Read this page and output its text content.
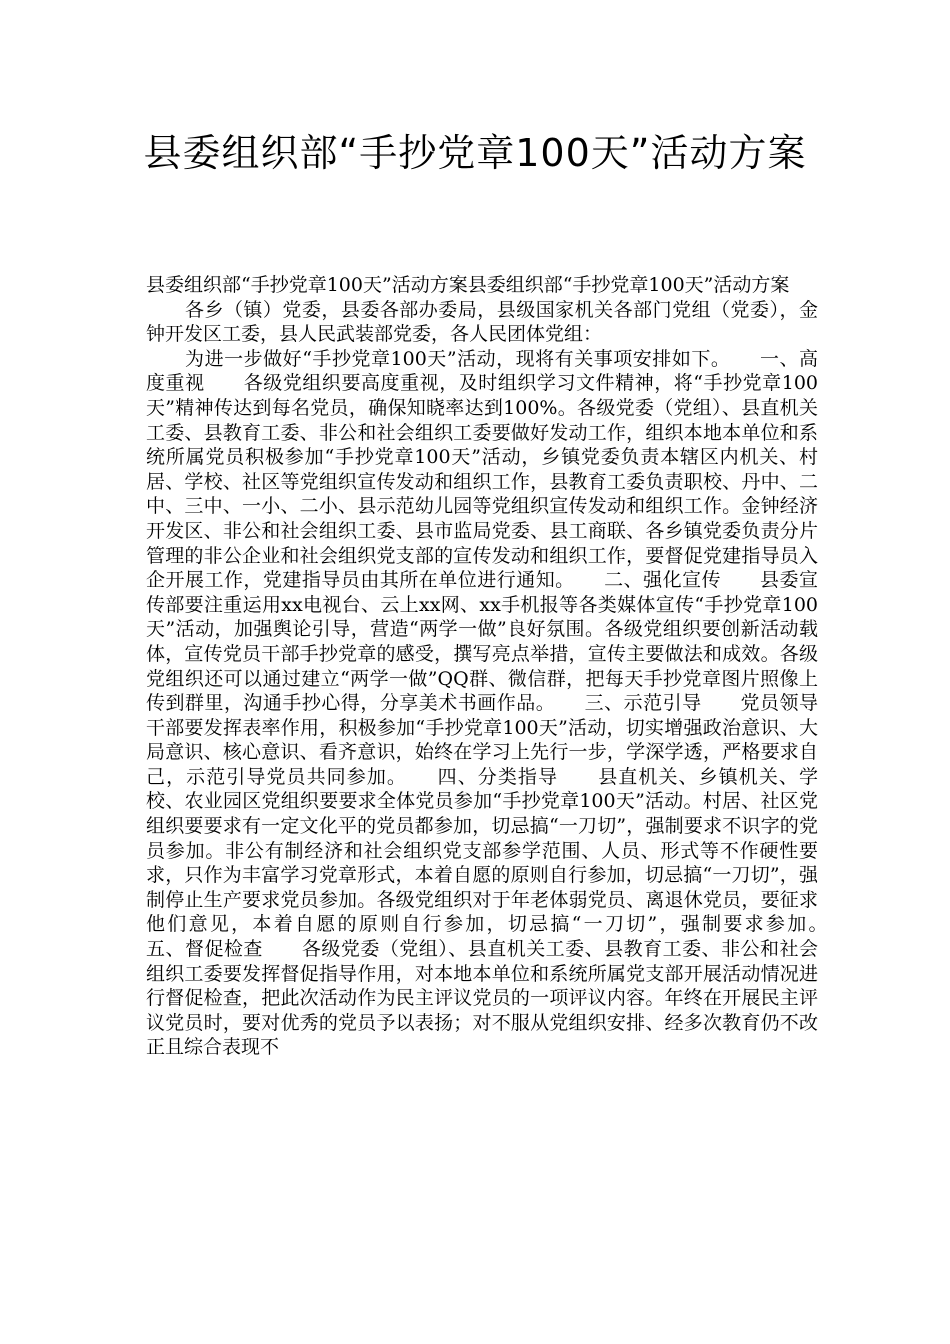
县委组织部“手抄党章100天”活动方案

县委组织部“手抄党章100天”活动方案县委组织部“手抄党章100天”活动方案

　　各乡（镇）党委，县委各部办委局，县级国家机关各部门党组（党委），金钟开发区工委，县人民武装部党委，各人民团体党组：

　　为进一步做好“手抄党章100天”活动，现将有关事项安排如下。　　一、高度重视　　各级党组织要高度重视，及时组织学习文件精神，将“手抄党章100天”精神传达到每名党员，确保知晓率达到100%。各级党委（党组）、县直机关工委、县教育工委、非公和社会组织工委要做好发动工作，组织本地本单位和系统所属党员积极参加“手抄党章100天”活动，乡镇党委负责本辖区内机关、村居、学校、社区等党组织宣传发动和组织工作，县教育工委负责职校、丹中、二中、三中、一小、二小、县示范幼儿园等党组织宣传发动和组织工作。金钟经济开发区、非公和社会组织工委、县市监局党委、县工商联、各乡镇党委负责分片管理的非公企业和社会组织党支部的宣传发动和组织工作，要督促党建指导员入企开展工作，党建指导员由其所在单位进行通知。　　二、强化宣传　　县委宣传部要注重运用xx电视台、云上xx网、xx手机报等各类媒体宣传“手抄党章100天”活动，加强舆论引导，营造“两学一做”良好氛围。各级党组织要创新活动载体，宣传党员干部手抄党章的感受，撰写亮点举措，宣传主要做法和成效。各级党组织还可以通过建立“两学一做”QQ群、微信群，把每天手抄党章图片照像上传到群里，沟通手抄心得，分享美术书画作品。　　三、示范引导　　党员领导干部要发挥表率作用，积极参加“手抄党章100天”活动，切实增强政治意识、大局意识、核心意识、看齐意识，始终在学习上先行一步，学深学透，严格要求自己，示范引导党员共同参加。　　四、分类指导　　县直机关、乡镇机关、学校、农业园区党组织要要求全体党员参加“手抄党章100天”活动。村居、社区党组织要要求有一定文化平的党员都参加，切忌搞“一刀切”，强制要求不识字的党员参加。非公有制经济和社会组织党支部参学范围、人员、形式等不作硬性要求，只作为丰富学习党章形式，本着自愿的原则自行参加，切忌搞“一刀切”，强制停止生产要求党员参加。各级党组织对于年老体弱党员、离退休党员，要征求他们意见，本着自愿的原则自行参加，切忌搞“一刀切”，强制要求参加。　　五、督促检查　　各级党委（党组）、县直机关工委、县教育工委、非公和社会组织工委要发挥督促指导作用，对本地本单位和系统所属党支部开展活动情况进行督促检查，把此次活动作为民主评议党员的一项评议内容。年终在开展民主评议党员时，要对优秀的党员予以表扬；对不服从党组织安排、经多次教育仍不改正且综合表现不
